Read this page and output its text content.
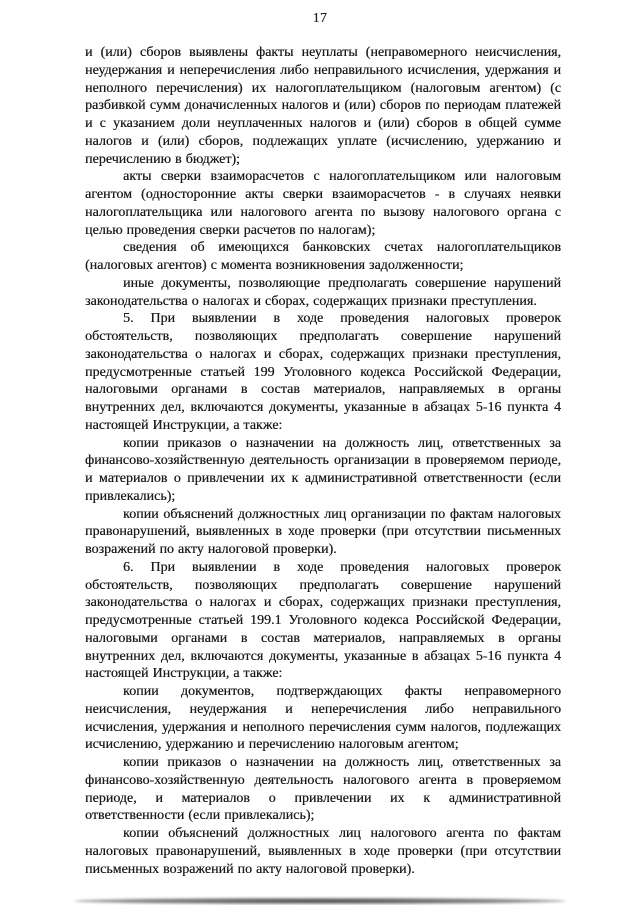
17

и (или) сборов выявлены факты неуплаты (неправомерного неисчисления, неудержания и неперечисления либо неправильного исчисления, удержания и неполного перечисления) их налогоплательщиком (налоговым агентом) (с разбивкой сумм доначисленных налогов и (или) сборов по периодам платежей и с указанием доли неуплаченных налогов и (или) сборов в общей сумме налогов и (или) сборов, подлежащих уплате (исчислению, удержанию и перечислению в бюджет);

акты сверки взаиморасчетов с налогоплательщиком или налоговым агентом (односторонние акты сверки взаиморасчетов - в случаях неявки налогоплательщика или налогового агента по вызову налогового органа с целью проведения сверки расчетов по налогам);

сведения об имеющихся банковских счетах налогоплательщиков (налоговых агентов) с момента возникновения задолженности;

иные документы, позволяющие предполагать совершение нарушений законодательства о налогах и сборах, содержащих признаки преступления.

5. При выявлении в ходе проведения налоговых проверок обстоятельств, позволяющих предполагать совершение нарушений законодательства о налогах и сборах, содержащих признаки преступления, предусмотренные статьей 199 Уголовного кодекса Российской Федерации, налоговыми органами в состав материалов, направляемых в органы внутренних дел, включаются документы, указанные в абзацах 5-16 пункта 4 настоящей Инструкции, а также:

копии приказов о назначении на должность лиц, ответственных за финансово-хозяйственную деятельность организации в проверяемом периоде, и материалов о привлечении их к административной ответственности (если привлекались);

копии объяснений должностных лиц организации по фактам налоговых правонарушений, выявленных в ходе проверки (при отсутствии письменных возражений по акту налоговой проверки).

6. При выявлении в ходе проведения налоговых проверок обстоятельств, позволяющих предполагать совершение нарушений законодательства о налогах и сборах, содержащих признаки преступления, предусмотренные статьей 199.1 Уголовного кодекса Российской Федерации, налоговыми органами в состав материалов, направляемых в органы внутренних дел, включаются документы, указанные в абзацах 5-16 пункта 4 настоящей Инструкции, а также:

копии документов, подтверждающих факты неправомерного неисчисления, неудержания и неперечисления либо неправильного исчисления, удержания и неполного перечисления сумм налогов, подлежащих исчислению, удержанию и перечислению налоговым агентом;

копии приказов о назначении на должность лиц, ответственных за финансово-хозяйственную деятельность налогового агента в проверяемом периоде, и материалов о привлечении их к административной ответственности (если привлекались);

копии объяснений должностных лиц налогового агента по фактам налоговых правонарушений, выявленных в ходе проверки (при отсутствии письменных возражений по акту налоговой проверки).
